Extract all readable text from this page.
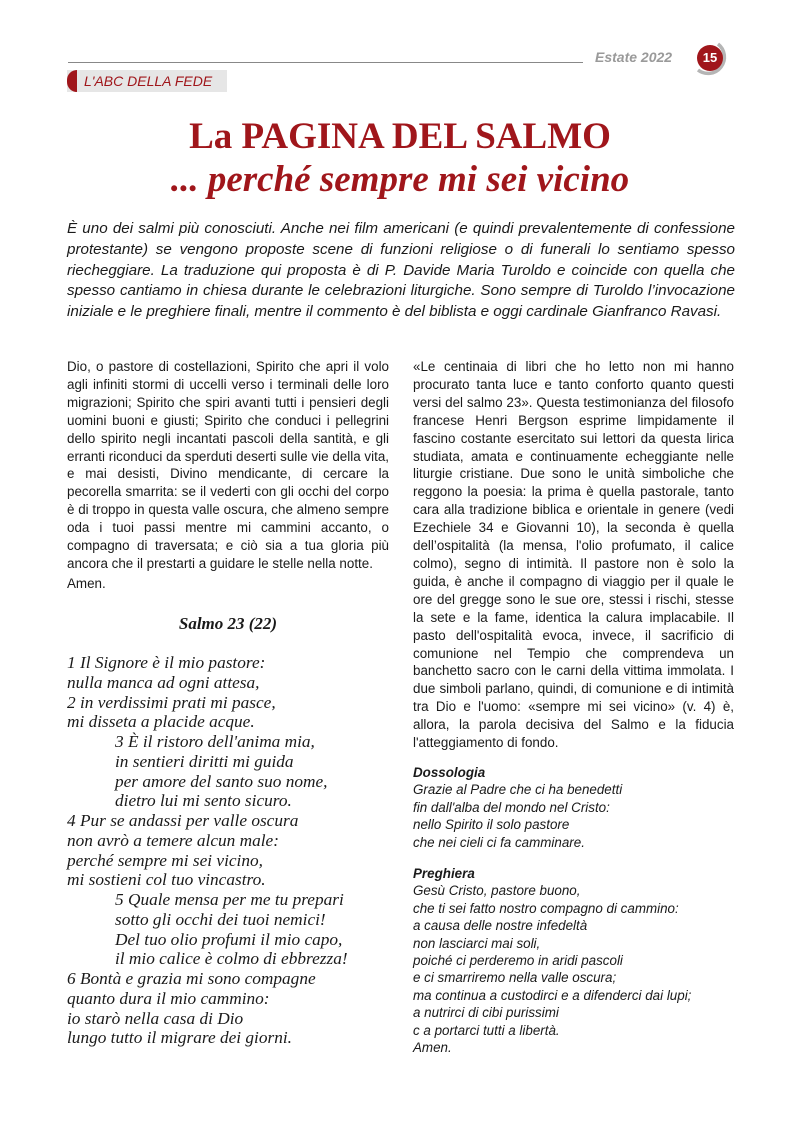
Estate 2022	15
L'ABC DELLA FEDE
La PAGINA DEL SALMO
... perché sempre mi sei vicino

È uno dei salmi più conosciuti. Anche nei film americani (e quindi prevalentemente di confessione protestante) se vengono proposte scene di funzioni religiose o di funerali lo sentiamo spesso riecheggiare. La traduzione qui proposta è di P. Davide Maria Turoldo e coincide con quella che spesso cantiamo in chiesa durante le celebrazioni liturgiche. Sono sempre di Turoldo l’invocazione iniziale e le preghiere finali, mentre il commento è del biblista e oggi cardinale Gianfranco Ravasi.

Dio, o pastore di costellazioni, Spirito che apri il volo agli infiniti stormi di uccelli verso i terminali delle loro migrazioni; Spirito che spiri avanti tutti i pensieri degli uomini buoni e giusti; Spirito che conduci i pellegrini dello spirito negli incantati pascoli della santità, e gli erranti riconduci da sperduti deserti sulle vie della vita, e mai desisti, Divino mendicante, di cercare la pecorella smarrita: se il vederti con gli occhi del corpo è di troppo in questa valle oscura, che almeno sempre oda i tuoi passi mentre mi cammini accanto, o compagno di traversata; e ciò sia a tua gloria più ancora che il prestarti a guidare le stelle nella notte.

Amen.

Salmo 23 (22)
1 Il Signore è il mio pastore:
nulla manca ad ogni attesa,
2 in verdissimi prati mi pasce,
mi disseta a placide acque.
3 È il ristoro dell'anima mia,
in sentieri diritti mi guida
per amore del santo suo nome,
dietro lui mi sento sicuro.
4 Pur se andassi per valle oscura
non avrò a temere alcun male:
perché sempre mi sei vicino,
mi sostieni col tuo vincastro.
5 Quale mensa per me tu prepari
sotto gli occhi dei tuoi nemici!
Del tuo olio profumi il mio capo,
il mio calice è colmo di ebbrezza!
6 Bontà e grazia mi sono compagne
quanto dura il mio cammino:
io starò nella casa di Dio
lungo tutto il migrare dei giorni.

«Le centinaia di libri che ho letto non mi hanno procurato tanta luce e tanto conforto quanto questi versi del salmo 23». Questa testimonianza del filosofo francese Henri Bergson esprime limpidamente il fascino costante esercitato sui lettori da questa lirica studiata, amata e continuamente echeggiante nelle liturgie cristiane. Due sono le unità simboliche che reggono la poesia: la prima è quella pastorale, tanto cara alla tradizione biblica e orientale in genere (vedi Ezechiele 34 e Giovanni 10), la seconda è quella dell’ospitalità (la mensa, l'olio profumato, il calice colmo), segno di intimità. Il pastore non è solo la guida, è anche il compagno di viaggio per il quale le ore del gregge sono le sue ore, stessi i rischi, stesse la sete e la fame, identica la calura implacabile. Il pasto dell'ospitalità evoca, invece, il sacrificio di comunione nel Tempio che comprendeva un banchetto sacro con le carni della vittima immolata. I due simboli parlano, quindi, di comunione e di intimità tra Dio e l'uomo: «sempre mi sei vicino» (v. 4) è, allora, la parola decisiva del Salmo e la fiducia l'atteggiamento di fondo.

Dossologia
Grazie al Padre che ci ha benedetti
fin dall'alba del mondo nel Cristo:
nello Spirito il solo pastore
che nei cieli ci fa camminare.
Preghiera
Gesù Cristo, pastore buono,
che ti sei fatto nostro compagno di cammino:
a causa delle nostre infedeltà
non lasciarci mai soli,
poiché ci perderemo in aridi pascoli
e ci smarriremo nella valle oscura;
ma continua a custodirci e a difenderci dai lupi;
a nutrirci di cibi purissimi
c a portarci tutti a libertà.
Amen.
